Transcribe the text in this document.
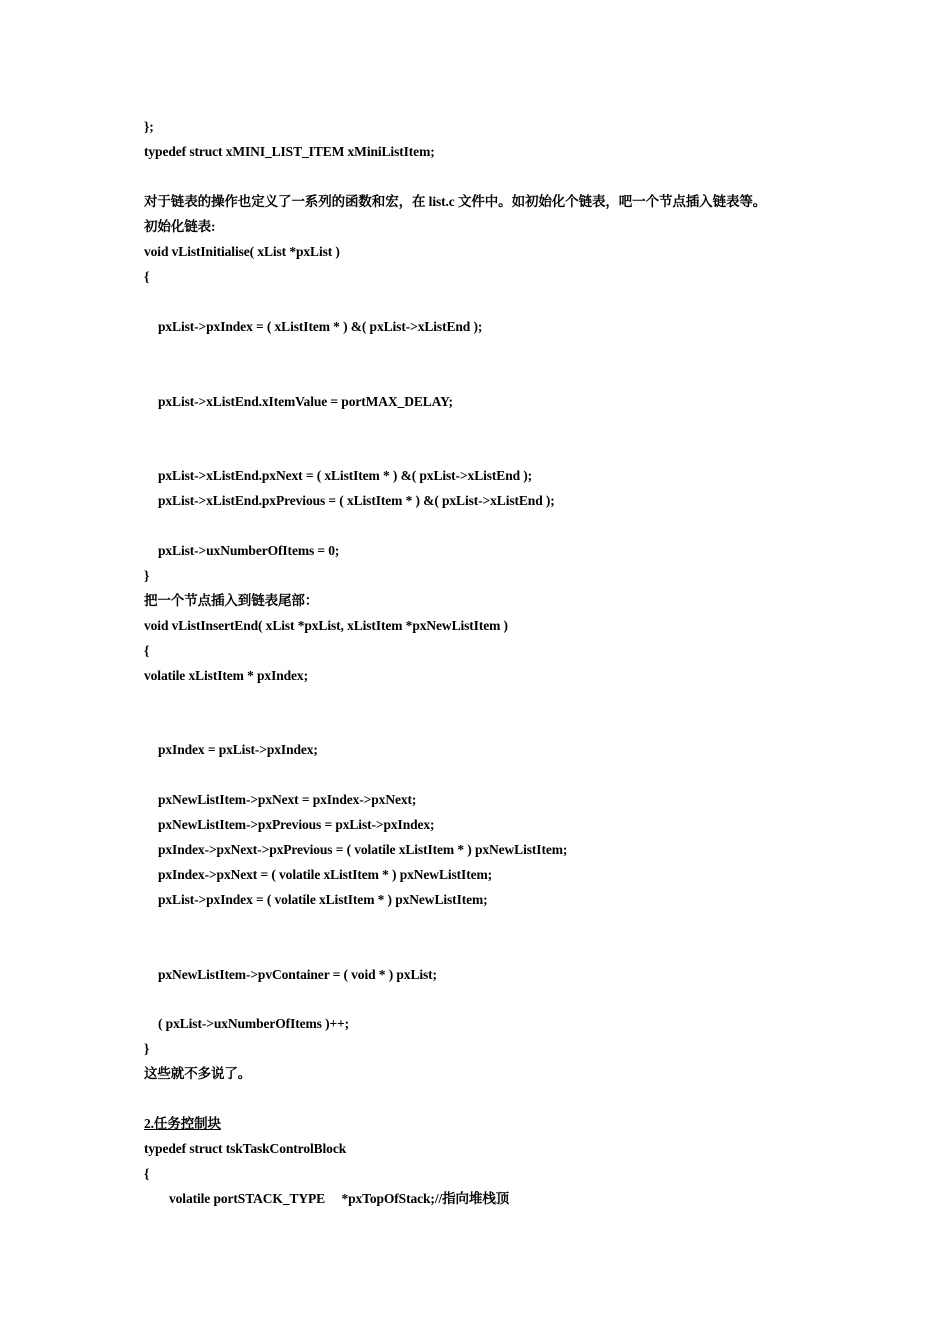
};
typedef struct xMINI_LIST_ITEM xMiniListItem;
对于链表的操作也定义了一系列的函数和宏，在 list.c 文件中。如初始化个链表，吧一个节点插入链表等。
初始化链表:
void vListInitialise( xList *pxList )
{
pxList->pxIndex = ( xListItem * ) &( pxList->xListEnd );
pxList->xListEnd.xItemValue = portMAX_DELAY;
pxList->xListEnd.pxNext = ( xListItem * ) &( pxList->xListEnd );
pxList->xListEnd.pxPrevious = ( xListItem * ) &( pxList->xListEnd );
pxList->uxNumberOfItems = 0;
}
把一个节点插入到链表尾部：
void vListInsertEnd( xList *pxList, xListItem *pxNewListItem )
{
volatile xListItem * pxIndex;
pxIndex = pxList->pxIndex;
pxNewListItem->pxNext = pxIndex->pxNext;
pxNewListItem->pxPrevious = pxList->pxIndex;
pxIndex->pxNext->pxPrevious = ( volatile xListItem * ) pxNewListItem;
pxIndex->pxNext = ( volatile xListItem * ) pxNewListItem;
pxList->pxIndex = ( volatile xListItem * ) pxNewListItem;
pxNewListItem->pvContainer = ( void * ) pxList;
( pxList->uxNumberOfItems )++;
}
这些就不多说了。
2.任务控制块
typedef struct tskTaskControlBlock
{
volatile portSTACK_TYPE     *pxTopOfStack;//指向堆栈顶
